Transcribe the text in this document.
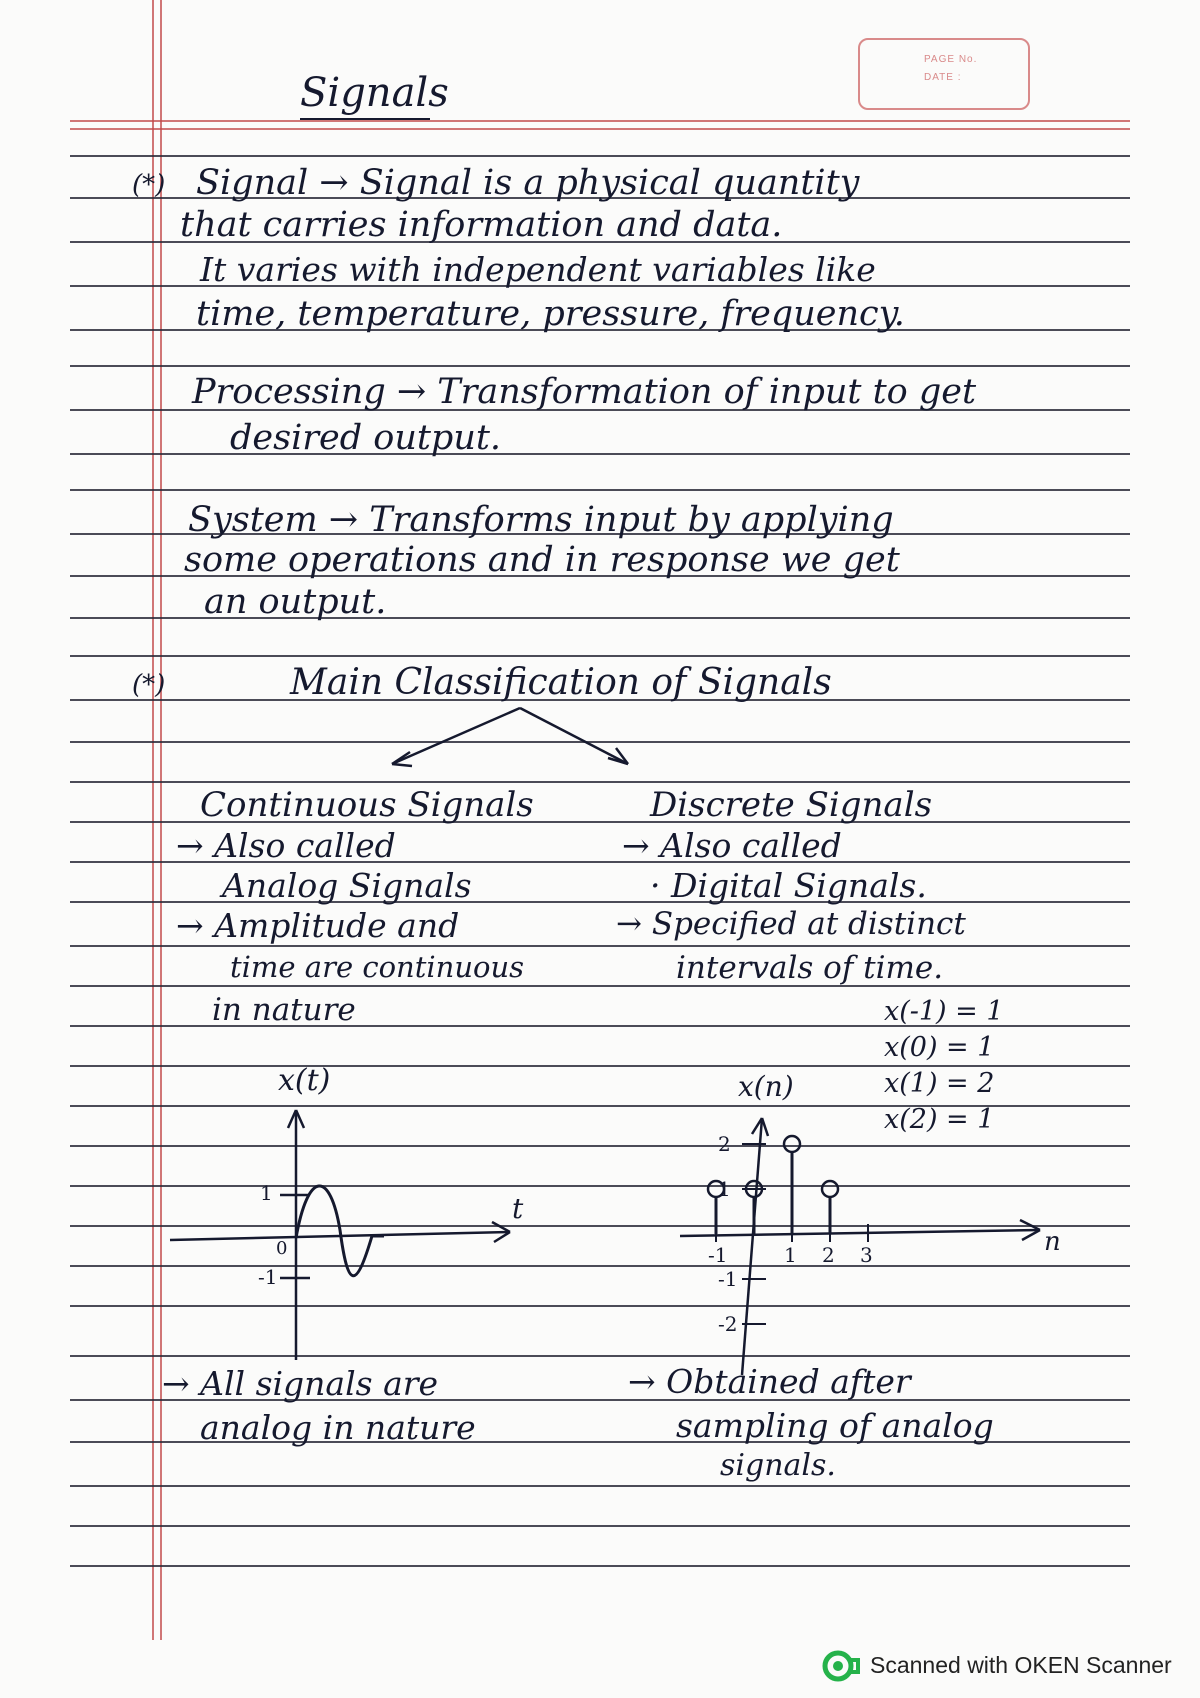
PAGE No.
DATE :
Signals
(*) Signal → Signal is a physical quantity
that carries information and data.
It varies with independent variables like
time, temperature, pressure, frequency.
Processing → Transformation of input to get
desired output.
System → Transforms input by applying
some operations and in response we get
an output.
(*)	Main Classification of Signals
Continuous Signals
→ Also called
Analog Signals
→ Amplitude and
time are continuous
in nature
Discrete Signals
→ Also called
· Digital Signals.
→ Specified at distinct
intervals of time.
x(-1) = 1
x(0) = 1
x(1) = 2
x(2) = 1
x(t)
t
1
0
-1
x(n)
n
-1	1 2 3
2
1
-1
-2
→ All signals are
analog in nature
→ Obtained after
sampling of analog
signals.
Scanned with OKEN Scanner
